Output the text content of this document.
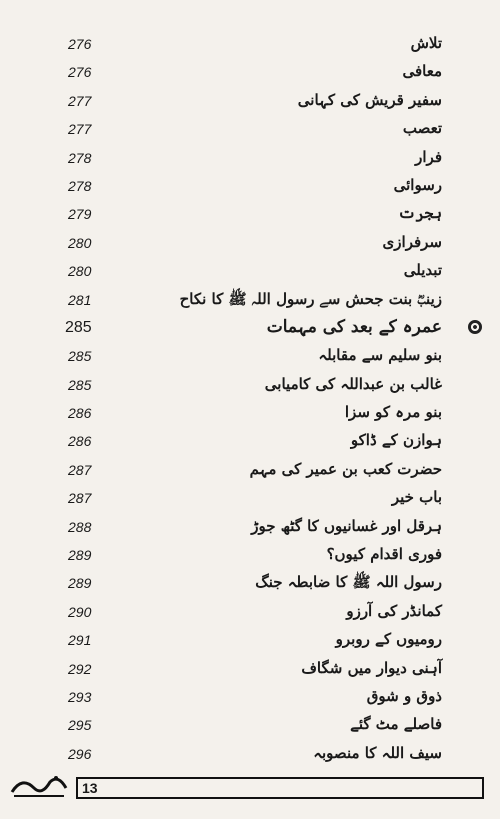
تلاش
276
معافی
276
سفیر قریش کی کہانی
277
تعصب
277
فرار
278
رسوائی
278
ہجرت
279
سرفرازی
280
تبدیلی
280
زینبؓ بنت جحش سے رسول اللہ ﷺ کا نکاح
281
عمرہ کے بعد کی مہمات
285
بنو سلیم سے مقابلہ
285
غالب بن عبداللہ کی کامیابی
285
بنو مرہ کو سزا
286
ہوازن کے ڈاکو
286
حضرت کعب بن عمیر کی مہم
287
باب خیر
287
ہرقل اور غسانیوں کا گٹھ جوڑ
288
فوری اقدام کیوں؟
289
رسول اللہ ﷺ کا ضابطہ جنگ
289
کمانڈر کی آرزو
290
رومیوں کے روبرو
291
آہنی دیوار میں شگاف
292
ذوق و شوق
293
فاصلے مٹ گئے
295
سیف اللہ کا منصوبہ
296
13
